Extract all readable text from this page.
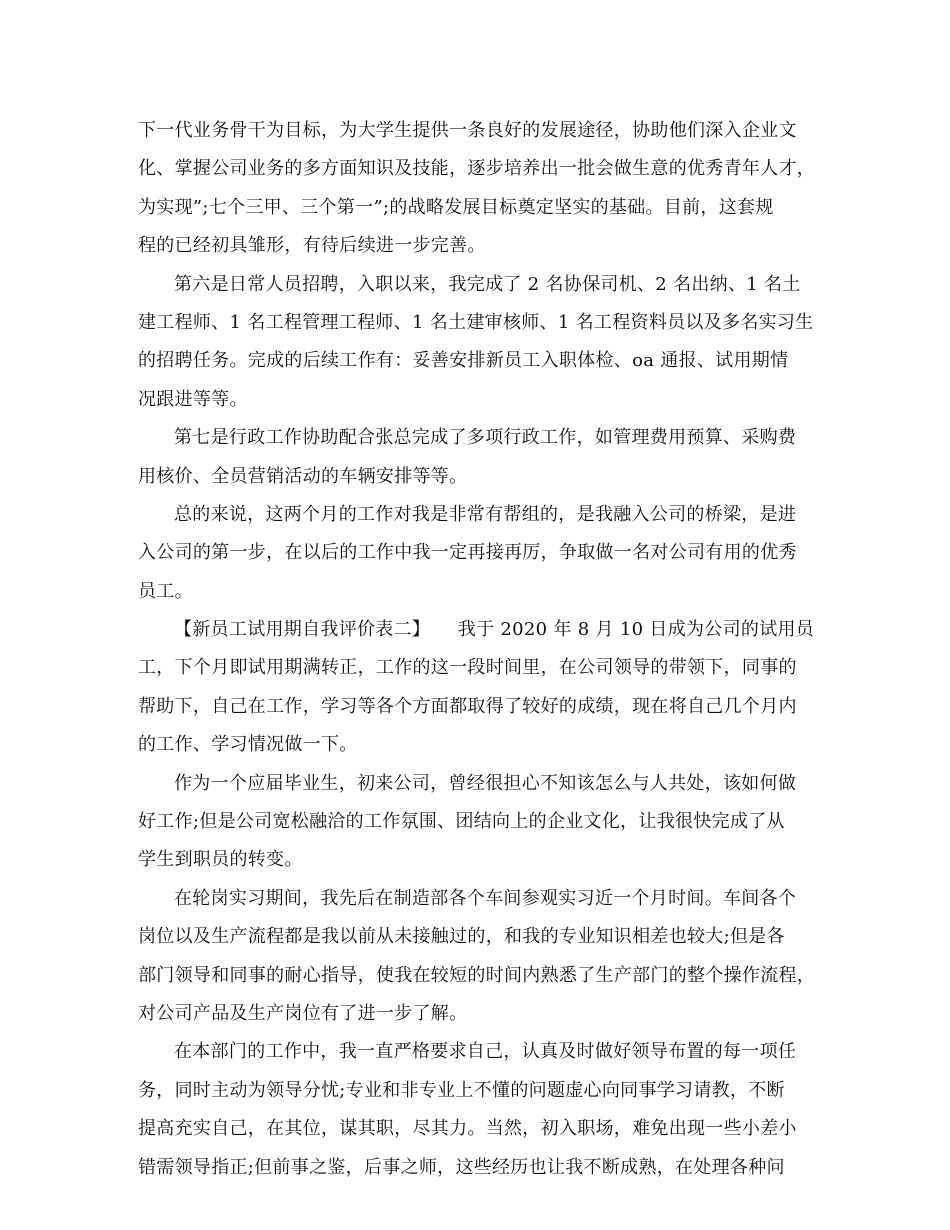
下一代业务骨干为目标，为大学生提供一条良好的发展途径，协助他们深入企业文
化、掌握公司业务的多方面知识及技能，逐步培养出一批会做生意的优秀青年人才，
为实现”;七个三甲、三个第一”;的战略发展目标奠定坚实的基础。目前，这套规
程的已经初具雏形，有待后续进一步完善。
第六是日常人员招聘，入职以来，我完成了 2 名协保司机、2 名出纳、1 名土
建工程师、1 名工程管理工程师、1 名土建审核师、1 名工程资料员以及多名实习生
的招聘任务。完成的后续工作有：妥善安排新员工入职体检、oa 通报、试用期情
况跟进等等。
第七是行政工作协助配合张总完成了多项行政工作，如管理费用预算、采购费
用核价、全员营销活动的车辆安排等等。
总的来说，这两个月的工作对我是非常有帮组的，是我融入公司的桥梁，是进
入公司的第一步，在以后的工作中我一定再接再厉，争取做一名对公司有用的优秀
员工。
【新员工试用期自我评价表二】　　我于 2020 年 8 月 10 日成为公司的试用员
工，下个月即试用期满转正，工作的这一段时间里，在公司领导的带领下，同事的
帮助下，自己在工作，学习等各个方面都取得了较好的成绩，现在将自己几个月内
的工作、学习情况做一下。
作为一个应届毕业生，初来公司，曾经很担心不知该怎么与人共处，该如何做
好工作;但是公司宽松融洽的工作氛围、团结向上的企业文化，让我很快完成了从
学生到职员的转变。
在轮岗实习期间，我先后在制造部各个车间参观实习近一个月时间。车间各个
岗位以及生产流程都是我以前从未接触过的，和我的专业知识相差也较大;但是各
部门领导和同事的耐心指导，使我在较短的时间内熟悉了生产部门的整个操作流程，
对公司产品及生产岗位有了进一步了解。
在本部门的工作中，我一直严格要求自己，认真及时做好领导布置的每一项任
务，同时主动为领导分忧;专业和非专业上不懂的问题虚心向同事学习请教，不断
提高充实自己，在其位，谋其职，尽其力。当然，初入职场，难免出现一些小差小
错需领导指正;但前事之鉴，后事之师，这些经历也让我不断成熟，在处理各种问
